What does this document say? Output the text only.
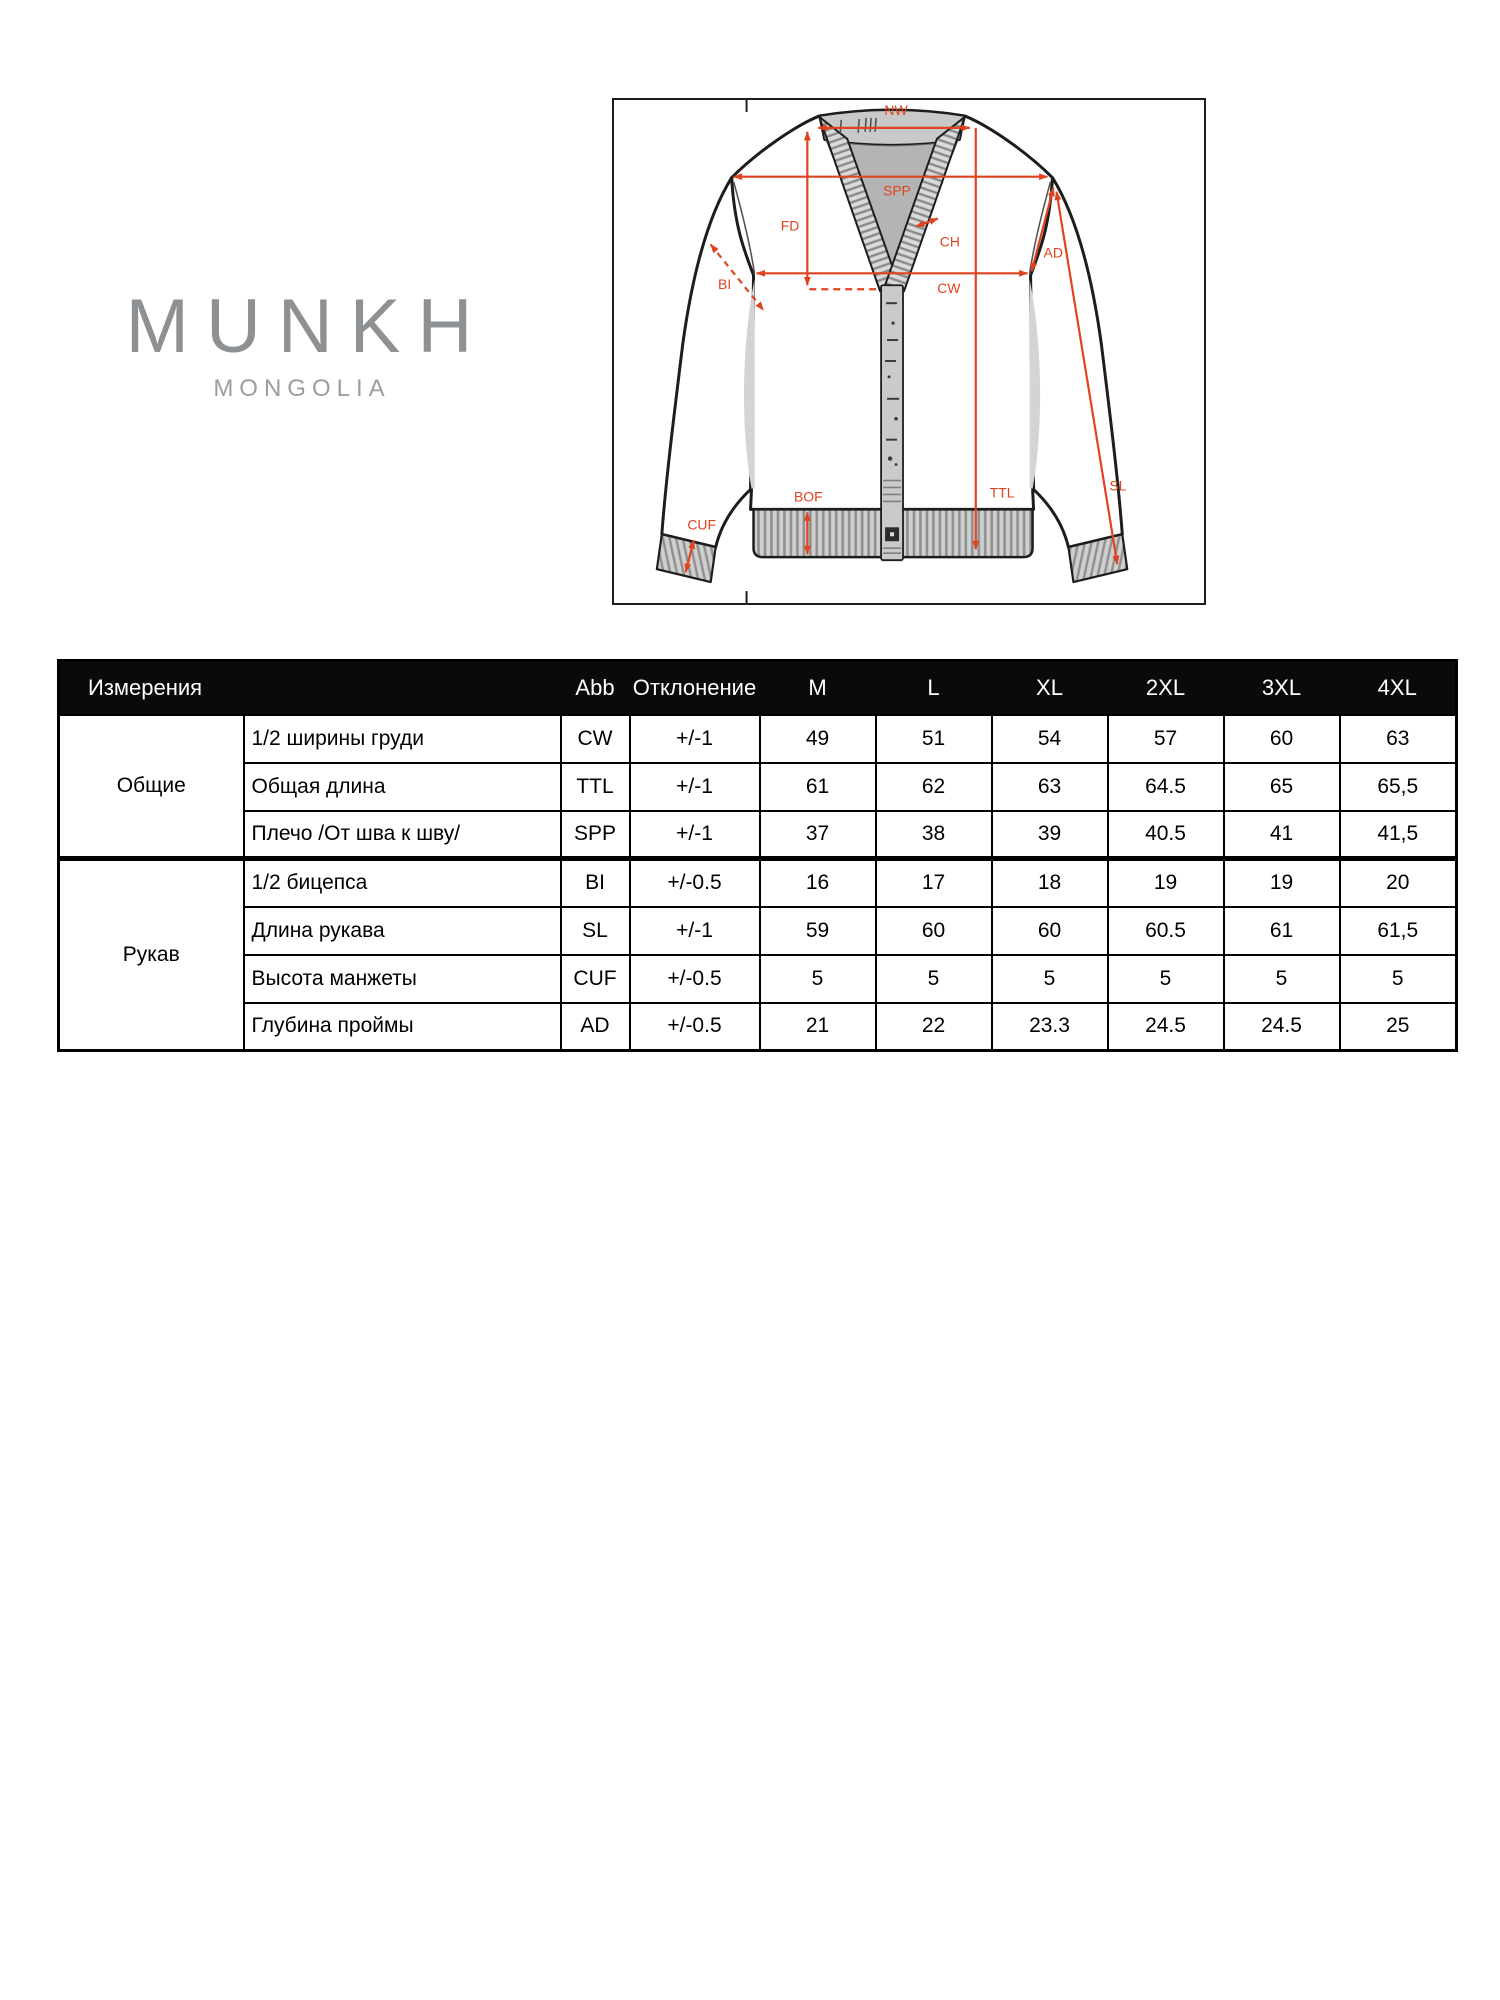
MUNKH
MONGOLIA
NW
SPP
FD
CH
CW
BI
AD
TTL	SL
BOF
CUF
Измерения		Abb	Отклонение	M	L	XL	2XL	3XL	4XL
Общие	1/2 ширины груди	CW	+/-1	49	51	54	57	60	63
	Общая длина	TTL	+/-1	61	62	63	64.5	65	65,5
	Плечо /От шва к шву/	SPP	+/-1	37	38	39	40.5	41	41,5
Рукав	1/2 бицепса	BI	+/-0.5	16	17	18	19	19	20
	Длина рукава	SL	+/-1	59	60	60	60.5	61	61,5
	Высота манжеты	CUF	+/-0.5	5	5	5	5	5	5
	Глубина проймы	AD	+/-0.5	21	22	23.3	24.5	24.5	25
